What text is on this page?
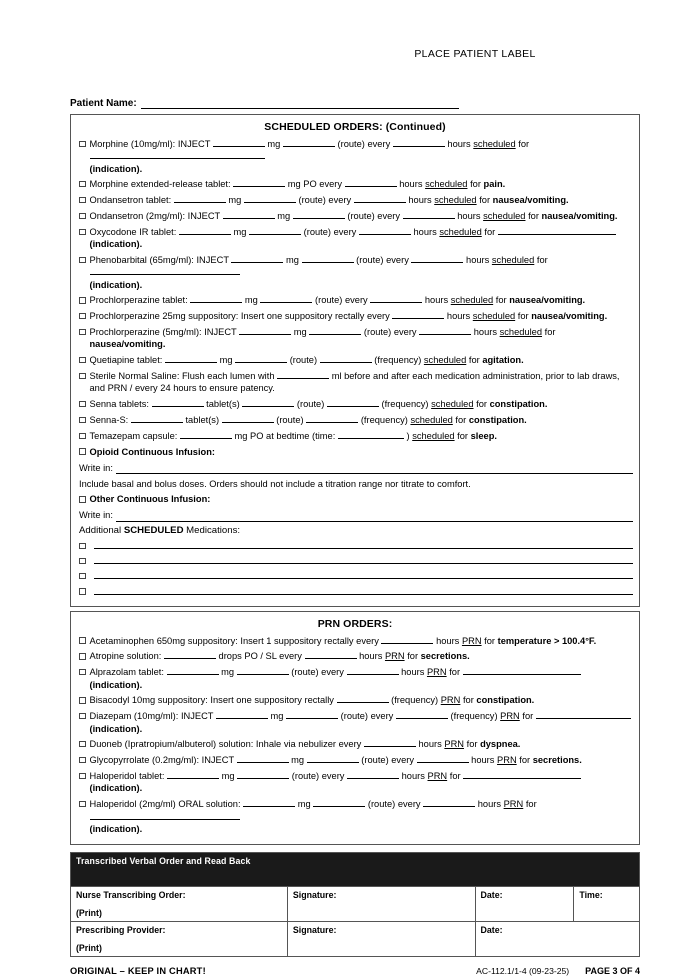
PLACE PATIENT LABEL
Patient Name:
SCHEDULED ORDERS: (Continued)
Morphine (10mg/ml): INJECT	mg	(route) every	hours scheduled for
(indication).
Morphine extended-release tablet:	mg PO every	hours scheduled for pain.
Ondansetron tablet:	mg	(route) every	hours scheduled for nausea/vomiting.
Ondansetron (2mg/ml): INJECT	mg	(route) every	hours scheduled for nausea/vomiting.
Oxycodone IR tablet:	mg	(route) every	hours scheduled for  (indication).
Phenobarbital (65mg/ml): INJECT	mg	(route) every	hours scheduled for
(indication).
Prochlorperazine tablet:	mg	(route) every	hours scheduled for nausea/vomiting.
Prochlorperazine 25mg suppository: Insert one suppository rectally every	hours scheduled for nausea/vomiting.
Prochlorperazine (5mg/ml): INJECT	mg	(route) every	hours scheduled for nausea/vomiting.
Quetiapine tablet:	mg	(route)	(frequency) scheduled for agitation.
Sterile Normal Saline: Flush each lumen with	ml before and after each medication administration, prior to lab draws,
and PRN / every 24 hours to ensure patency.
Senna tablets:	tablet(s)	(route)	(frequency) scheduled for constipation.
Senna-S:	tablet(s)	(route)	(frequency) scheduled for constipation.
Temazepam capsule:	mg PO at bedtime (time:	) scheduled for sleep.
Opioid Continuous Infusion:
Write in:
Include basal and bolus doses. Orders should not include a titration range nor titrate to comfort.
Other Continuous Infusion:
Write in:
Additional SCHEDULED Medications:
PRN ORDERS:
Acetaminophen 650mg suppository: Insert 1 suppository rectally every	hours PRN for temperature > 100.4°F.
Atropine solution:	drops PO / SL every	hours PRN for secretions.
Alprazolam tablet:	mg	(route) every	hours PRN for  (indication).
Bisacodyl 10mg suppository: Insert one suppository rectally	(frequency) PRN for constipation.
Diazepam (10mg/ml): INJECT	mg	(route) every	(frequency) PRN for  (indication).
Duoneb (Ipratropium/albuterol) solution: Inhale via nebulizer every	hours PRN for dyspnea.
Glycopyrrolate (0.2mg/ml): INJECT	mg	(route) every	hours PRN for secretions.
Haloperidol tablet:	mg	(route) every	hours PRN for  (indication).
Haloperidol (2mg/ml) ORAL solution:	mg	(route) every	hours PRN for
(indication).
Transcribed Verbal Order and Read Back			
Nurse Transcribing Order:
(Print)	Signature:	Date:	Time:
Prescribing Provider:
(Print)	Signature:	Date:	
ORIGINAL – KEEP IN CHART!	AC-112.1/1-4 (09-23-25) PAGE 3 OF 4
